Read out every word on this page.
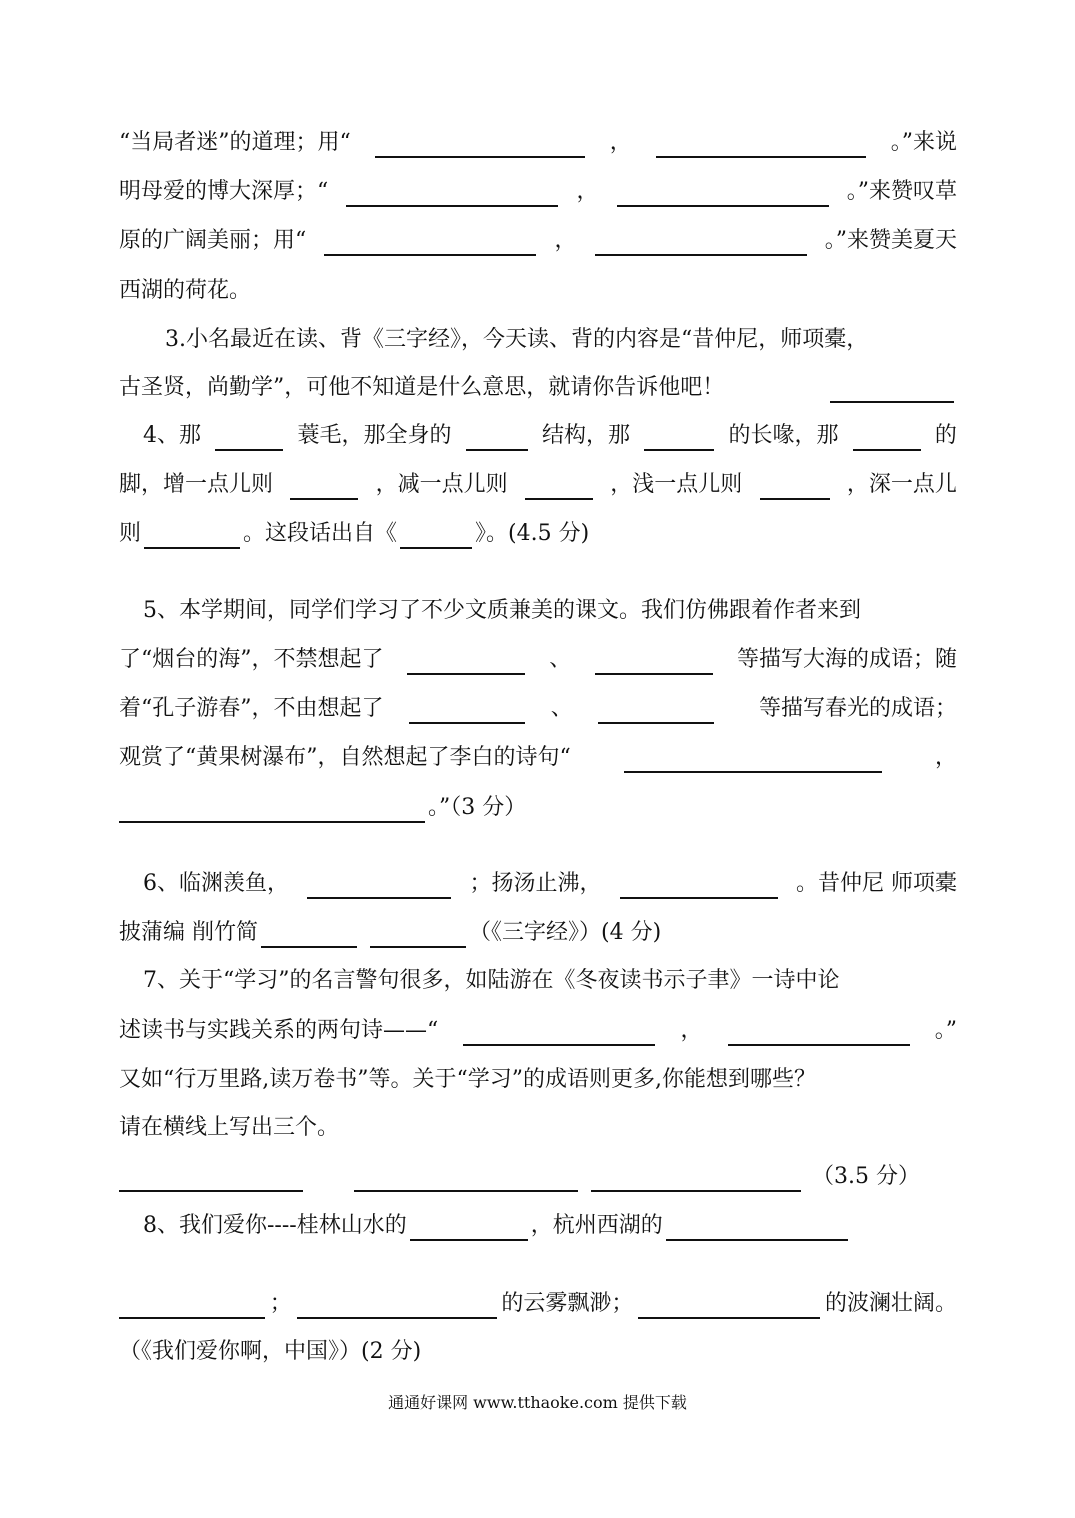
“当局者迷”的道理；用“	，	。”来说
明母爱的博大深厚；“	，	。”来赞叹草
原的广阔美丽；用“	，	。”来赞美夏天
西湖的荷花。
3.小名最近在读、背《三字经》，今天读、背的内容是“昔仲尼，师项橐，
古圣贤，尚勤学”，可他不知道是什么意思，就请你告诉他吧！
4、那	蓑毛，那全身的	结构，那	的长喙，那	的
脚，增一点儿则	，减一点儿则	，浅一点儿则	，深一点儿
则	。这段话出自《	》。(4.5 分)
5、本学期间，同学们学习了不少文质兼美的课文。我们仿佛跟着作者来到
了“烟台的海”，不禁想起了	、	等描写大海的成语；随
着“孔子游春”，不由想起了	、	等描写春光的成语；
观赏了“黄果树瀑布”，自然想起了李白的诗句“	，
。”（3 分）
6、临渊羡鱼，	；扬汤止沸，	。昔仲尼 师项橐
披蒲编 削竹简	（《三字经》）(4 分)
7、关于“学习”的名言警句很多，如陆游在《冬夜读书示子聿》一诗中论
述读书与实践关系的两句诗——“	，	。”
又如“行万里路,读万卷书”等。关于“学习”的成语则更多,你能想到哪些？
请在横线上写出三个。
（3.5 分）
8、我们爱你----桂林山水的	，杭州西湖的
；	的云雾飘渺；	的波澜壮阔。
（《我们爱你啊，中国》）(2 分)
通通好课网 www.tthaoke.com 提供下载
